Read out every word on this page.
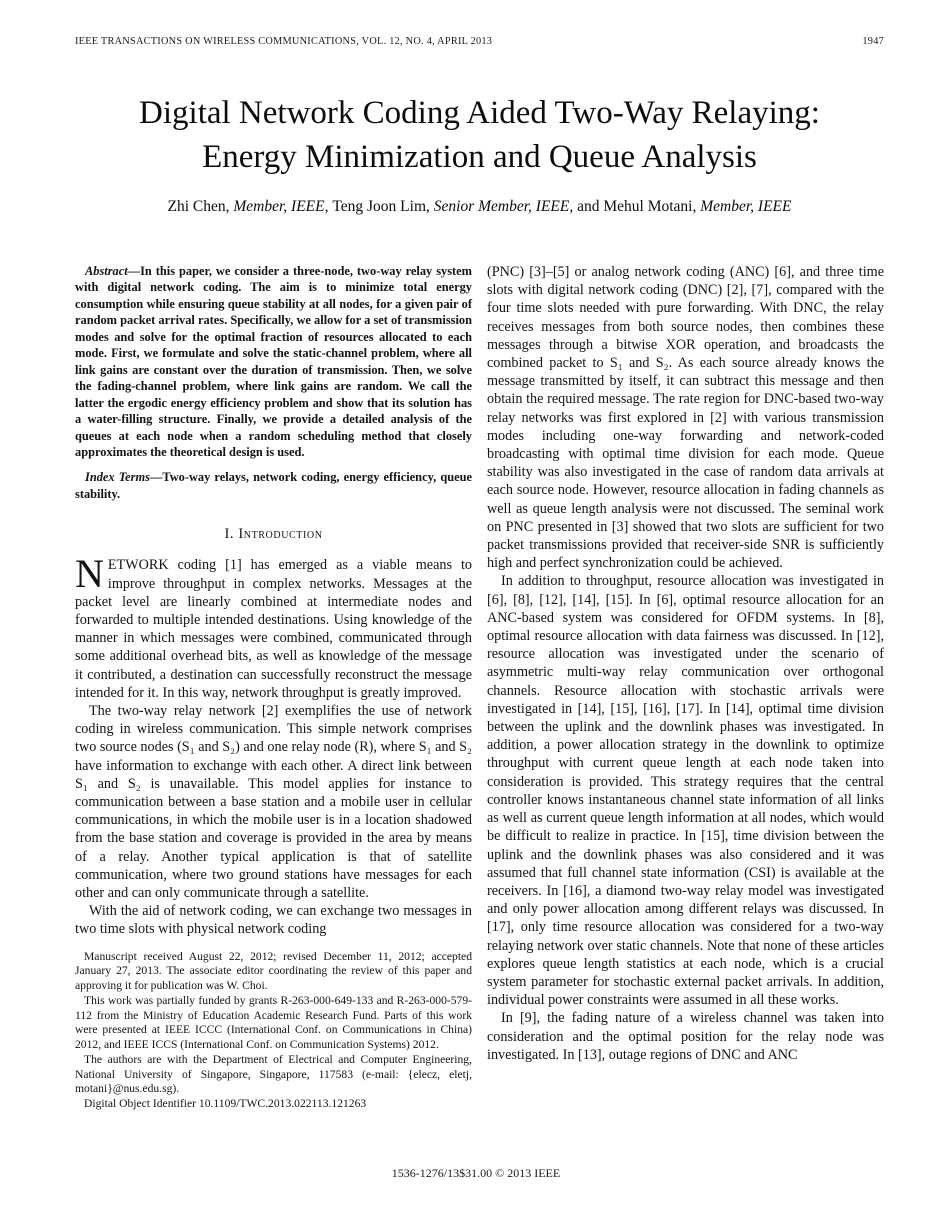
IEEE TRANSACTIONS ON WIRELESS COMMUNICATIONS, VOL. 12, NO. 4, APRIL 2013	1947
Digital Network Coding Aided Two-Way Relaying:
Energy Minimization and Queue Analysis
Zhi Chen, Member, IEEE, Teng Joon Lim, Senior Member, IEEE, and Mehul Motani, Member, IEEE

Abstract—In this paper, we consider a three-node, two-way relay system with digital network coding. The aim is to minimize total energy consumption while ensuring queue stability at all nodes, for a given pair of random packet arrival rates. Specifically, we allow for a set of transmission modes and solve for the optimal fraction of resources allocated to each mode. First, we formulate and solve the static-channel problem, where all link gains are constant over the duration of transmission. Then, we solve the fading-channel problem, where link gains are random. We call the latter the ergodic energy efficiency problem and show that its solution has a water-filling structure. Finally, we provide a detailed analysis of the queues at each node when a random scheduling method that closely approximates the theoretical design is used.

Index Terms—Two-way relays, network coding, energy efficiency, queue stability.

I. Introduction

NETWORK coding [1] has emerged as a viable means to improve throughput in complex networks. Messages at the packet level are linearly combined at intermediate nodes and forwarded to multiple intended destinations. Using knowledge of the manner in which messages were combined, communicated through some additional overhead bits, as well as knowledge of the message it contributed, a destination can successfully reconstruct the message intended for it. In this way, network throughput is greatly improved.

The two-way relay network [2] exemplifies the use of network coding in wireless communication. This simple network comprises two source nodes (S₁ and S₂) and one relay node (R), where S₁ and S₂ have information to exchange with each other. A direct link between S₁ and S₂ is unavailable. This model applies for instance to communication between a base station and a mobile user in cellular communications, in which the mobile user is in a location shadowed from the base station and coverage is provided in the area by means of a relay. Another typical application is that of satellite communication, where two ground stations have messages for each other and can only communicate through a satellite.

With the aid of network coding, we can exchange two messages in two time slots with physical network coding

Manuscript received August 22, 2012; revised December 11, 2012; accepted January 27, 2013. The associate editor coordinating the review of this paper and approving it for publication was W. Choi.

This work was partially funded by grants R-263-000-649-133 and R-263-000-579-112 from the Ministry of Education Academic Research Fund. Parts of this work were presented at IEEE ICCC (International Conf. on Communications in China) 2012, and IEEE ICCS (International Conf. on Communication Systems) 2012.

The authors are with the Department of Electrical and Computer Engineering, National University of Singapore, Singapore, 117583 (e-mail: {elecz, eletj, motani}@nus.edu.sg).

Digital Object Identifier 10.1109/TWC.2013.022113.121263

(PNC) [3]–[5] or analog network coding (ANC) [6], and three time slots with digital network coding (DNC) [2], [7], compared with the four time slots needed with pure forwarding. With DNC, the relay receives messages from both source nodes, then combines these messages through a bitwise XOR operation, and broadcasts the combined packet to S₁ and S₂. As each source already knows the message transmitted by itself, it can subtract this message and then obtain the required message. The rate region for DNC-based two-way relay networks was first explored in [2] with various transmission modes including one-way forwarding and network-coded broadcasting with optimal time division for each mode. Queue stability was also investigated in the case of random data arrivals at each source node. However, resource allocation in fading channels as well as queue length analysis were not discussed. The seminal work on PNC presented in [3] showed that two slots are sufficient for two packet transmissions provided that receiver-side SNR is sufficiently high and perfect synchronization could be achieved.

In addition to throughput, resource allocation was investigated in [6], [8], [12], [14], [15]. In [6], optimal resource allocation for an ANC-based system was considered for OFDM systems. In [8], optimal resource allocation with data fairness was discussed. In [12], resource allocation was investigated under the scenario of asymmetric multi-way relay communication over orthogonal channels. Resource allocation with stochastic arrivals were investigated in [14], [15], [16], [17]. In [14], optimal time division between the uplink and the downlink phases was investigated. In addition, a power allocation strategy in the downlink to optimize throughput with current queue length at each node taken into consideration is provided. This strategy requires that the central controller knows instantaneous channel state information of all links as well as current queue length information at all nodes, which would be difficult to realize in practice. In [15], time division between the uplink and the downlink phases was also considered and it was assumed that full channel state information (CSI) is available at the receivers. In [16], a diamond two-way relay model was investigated and only power allocation among different relays was discussed. In [17], only time resource allocation was considered for a two-way relaying network over static channels. Note that none of these articles explores queue length statistics at each node, which is a crucial system parameter for stochastic external packet arrivals. In addition, individual power constraints were assumed in all these works.

In [9], the fading nature of a wireless channel was taken into consideration and the optimal position for the relay node was investigated. In [13], outage regions of DNC and ANC

1536-1276/13$31.00 © 2013 IEEE
